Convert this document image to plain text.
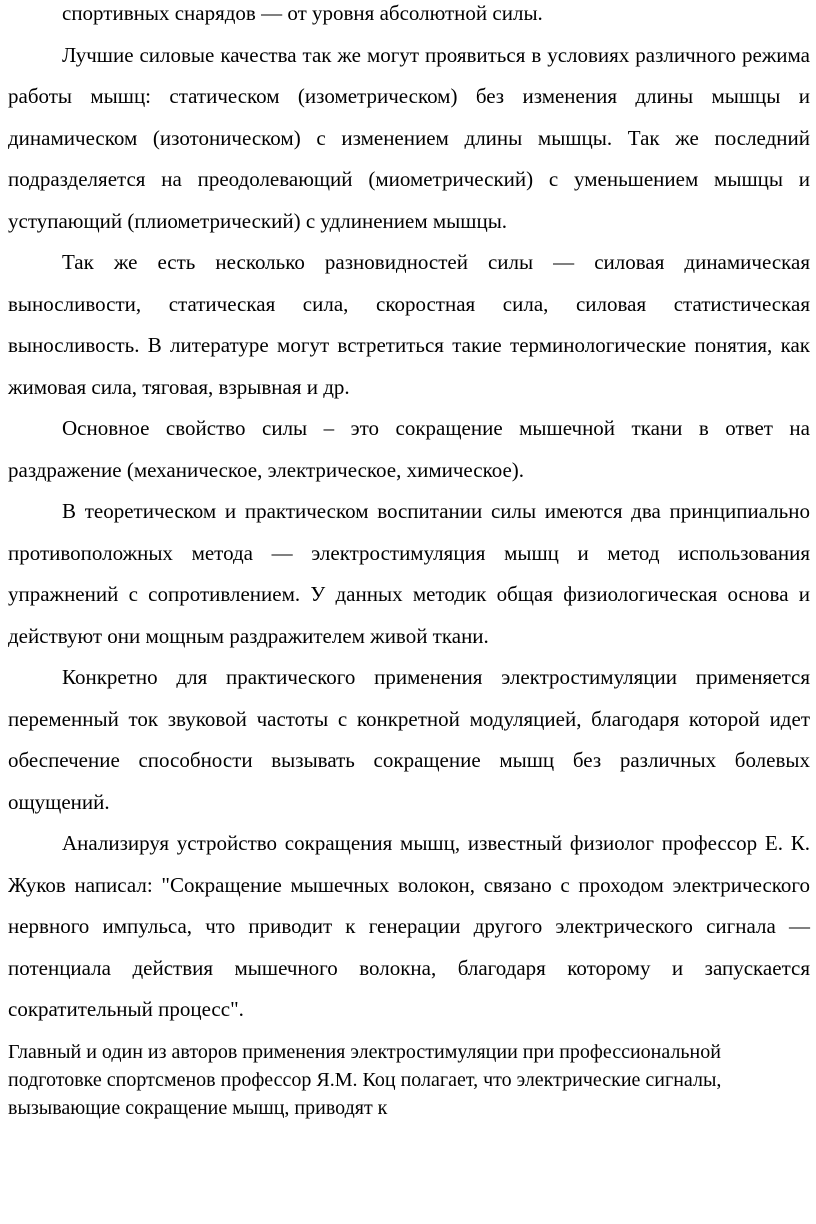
спортивных снарядов — от уровня абсолютной силы.

Лучшие силовые качества так же могут проявиться в условиях различного режима работы мышц: статическом (изометрическом) без изменения длины мышцы и динамическом (изотоническом) с изменением длины мышцы. Так же последний подразделяется на преодолевающий (миометрический) с уменьшением мышцы и уступающий (плиометрический) с удлинением мышцы.

Так же есть несколько разновидностей силы — силовая динамическая выносливости, статическая сила, скоростная сила, силовая статистическая выносливость. В литературе могут встретиться такие терминологические понятия, как жимовая сила, тяговая, взрывная и др.

Основное свойство силы – это сокращение мышечной ткани в ответ на раздражение (механическое, электрическое, химическое).

В теоретическом и практическом воспитании силы имеются два принципиально противоположных метода — электростимуляция мышц и метод использования упражнений с сопротивлением. У данных методик общая физиологическая основа и действуют они мощным раздражителем живой ткани.

Конкретно для практического применения электростимуляции применяется переменный ток звуковой частоты с конкретной модуляцией, благодаря которой идет обеспечение способности вызывать сокращение мышц без различных болевых ощущений.

Анализируя устройство сокращения мышц, известный физиолог профессор Е. К. Жуков написал: "Сокращение мышечных волокон, связано с проходом электрического нервного импульса, что приводит к генерации другого электрического сигнала — потенциала действия мышечного волокна, благодаря которому и запускается сократительный процесс".

Главный и один из авторов применения электростимуляции при профессиональной подготовке спортсменов профессор Я.М. Коц полагает, что электрические сигналы, вызывающие сокращение мышц, приводят к
